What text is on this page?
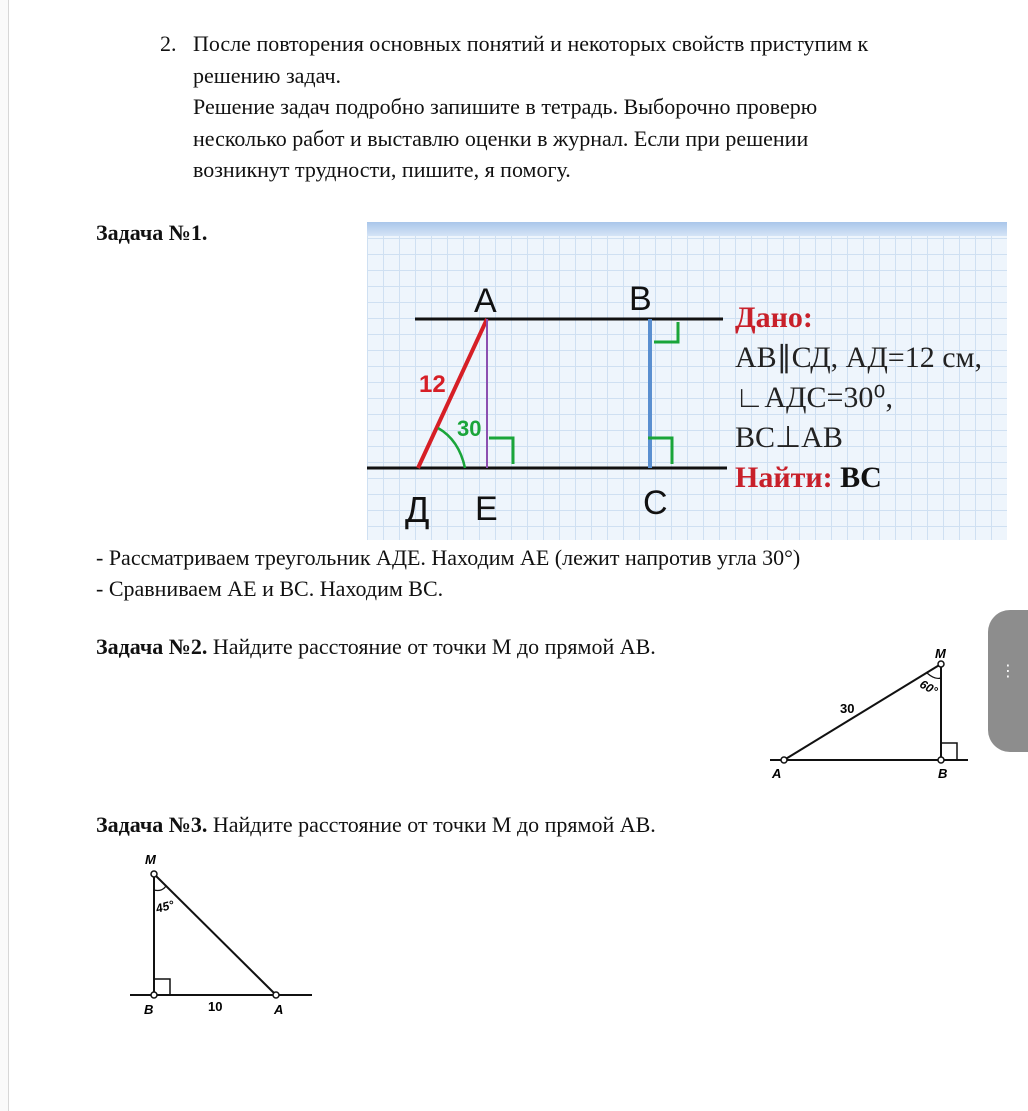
2. После повторения основных понятий и некоторых свойств приступим к

решению задач.

Решение задач подробно запишите в тетрадь. Выборочно проверю

несколько работ и выставлю оценки в журнал. Если при решении

возникнут трудности, пишите, я помогу.

Задача №1.
А	В
Д Е	С
12
30
Дано:
АВ∥СД, АД=12 см,
∟АДС=30⁰,
ВС⊥АВ
Найти: ВС
- Рассматриваем треугольник АДЕ. Находим АЕ (лежит напротив угла 30°)
- Сравниваем АЕ и ВС. Находим ВС.
Задача №2. Найдите расстояние от точки М до прямой АВ.	M
A	B
30
60°
⋮
Задача №3. Найдите расстояние от точки М до прямой АВ.
M
B	A
10
45°
